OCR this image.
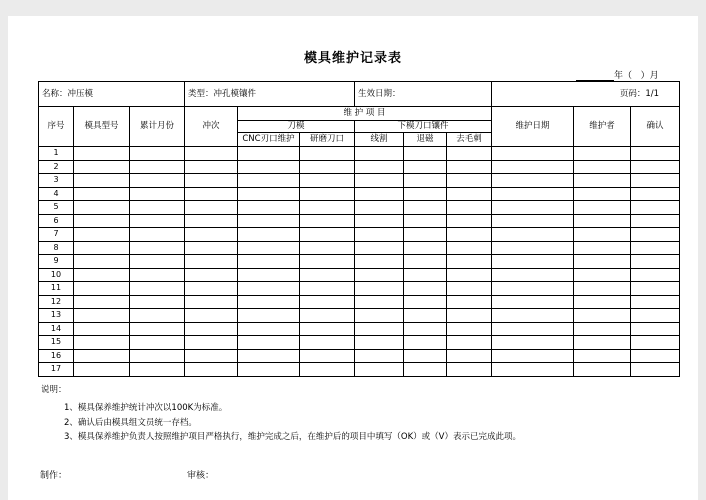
模具维护记录表
年（   ）月
名称：冲压模			类型：冲孔模镶件			生效日期：			页码：1/1		
序号	模具型号	累计月份	冲次	维 护 项 目					维护日期	维护者	确认
				刀模		下模刀口镶件					
				CNC刃口维护	研磨刀口	线割	退磁	去毛刺			
1											
2											
3											
4											
5											
6											
7											
8											
9											
10											
11											
12											
13											
14											
15											
16											
17											
说明：
1、模具保养维护统计冲次以100K为标准。
2、确认后由模具组文员统一存档。
3、模具保养维护负责人按照维护项目严格执行，维护完成之后，在维护后的项目中填写（OK）或（V）表示已完成此项。
制作：	审核：
